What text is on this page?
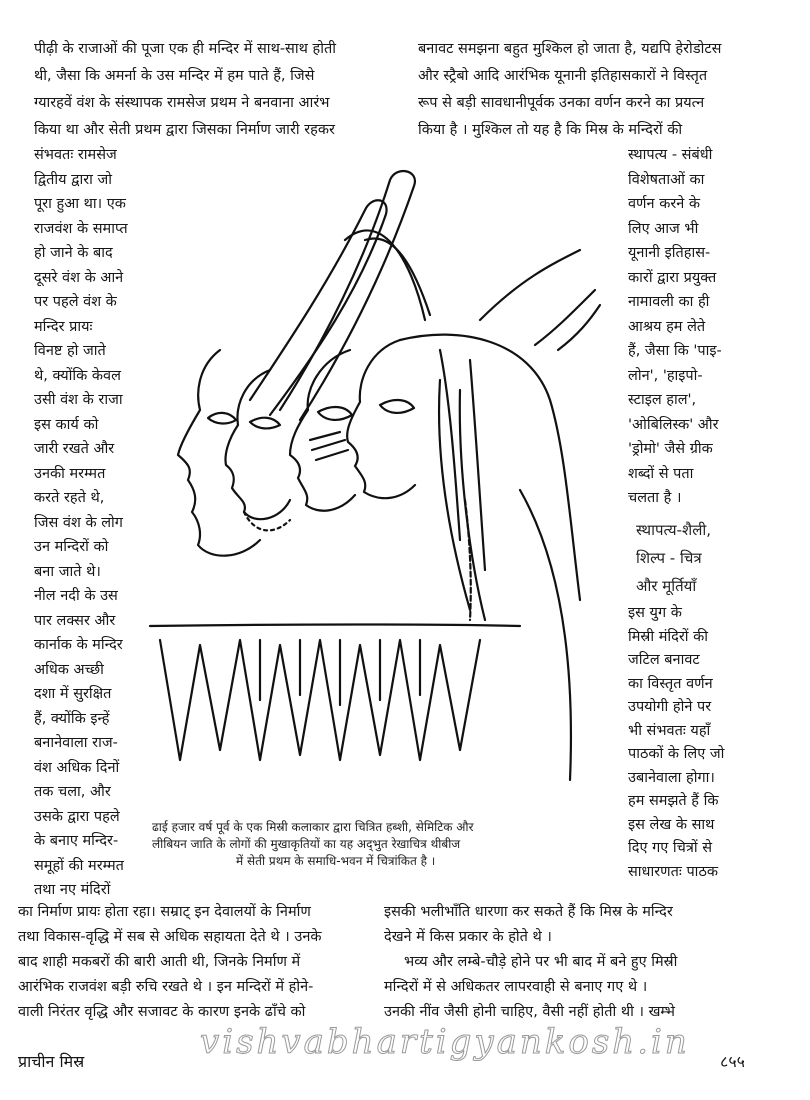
पीढ़ी के राजाओं की पूजा एक ही मन्दिर में साथ-साथ होती
थी, जैसा कि अमर्ना के उस मन्दिर में हम पाते हैं, जिसे
ग्यारहवें वंश के संस्थापक रामसेज प्रथम ने बनवाना आरंभ
किया था और सेती प्रथम द्वारा जिसका निर्माण जारी रहकर
बनावट समझना बहुत मुश्किल हो जाता है, यद्यपि हेरोडोटस
और स्ट्रैबो आदि आरंभिक यूनानी इतिहासकारों ने विस्तृत
रूप से बड़ी सावधानीपूर्वक उनका वर्णन करने का प्रयत्न
किया है । मुश्किल तो यह है कि मिस्र के मन्दिरों की
संभवतः रामसेज
द्वितीय द्वारा जो
पूरा हुआ था। एक
राजवंश के समाप्त
हो जाने के बाद
दूसरे वंश के आने
पर पहले वंश के
मन्दिर प्रायः
विनष्ट हो जाते
थे, क्योंकि केवल
उसी वंश के राजा
इस कार्य को
जारी रखते और
उनकी मरम्मत
करते रहते थे,
जिस वंश के लोग
उन मन्दिरों को
बना जाते थे।
नील नदी के उस
पार लक्सर और
कार्नाक के मन्दिर
अधिक अच्छी
दशा में सुरक्षित
हैं, क्योंकि इन्हें
बनानेवाला राज-
वंश अधिक दिनों
तक चला, और
उसके द्वारा पहले
के बनाए मन्दिर-
समूहों की मरम्मत
तथा नए मंदिरों
स्थापत्य - संबंधी
विशेषताओं का
वर्णन करने के
लिए आज भी
यूनानी इतिहास-
कारों द्वारा प्रयुक्त
नामावली का ही
आश्रय हम लेते
हैं, जैसा कि 'पाइ-
लोन', 'हाइपो-
स्टाइल हाल',
'ओबिलिस्क' और
'ड्रोमो' जैसे ग्रीक
शब्दों से पता
चलता है ।
स्थापत्य-शैली,
शिल्प - चित्र
और मूर्तियाँ
इस युग के
मिस्री मंदिरों की
जटिल बनावट
का विस्तृत वर्णन
उपयोगी होने पर
भी संभवतः यहाँ
पाठकों के लिए जो
उबानेवाला होगा।
हम समझते हैं कि
इस लेख के साथ
दिए गए चित्रों से
साधारणतः पाठक
ढाई हजार वर्ष पूर्व के एक मिस्री कलाकार द्वारा चित्रित हब्शी, सेमिटिक और
लीबियन जाति के लोगों की मुखाकृतियों का यह अद्‌भुत रेखाचित्र थीबीज
में सेती प्रथम के समाधि-भवन में चित्रांकित है ।
का निर्माण प्रायः होता रहा। सम्राट् इन देवालयों के निर्माण
तथा विकास-वृद्धि में सब से अधिक सहायता देते थे । उनके
बाद शाही मकबरों की बारी आती थी, जिनके निर्माण में
आरंभिक राजवंश बड़ी रुचि रखते थे । इन मन्दिरों में होने-
वाली निरंतर वृद्धि और सजावट के कारण इनके ढाँचे को
इसकी भलीभाँति धारणा कर सकते हैं कि मिस्र के मन्दिर
देखने में किस प्रकार के होते थे ।
भव्य और लम्बे-चौड़े होने पर भी बाद में बने हुए मिस्री
मन्दिरों में से अधिकतर लापरवाही से बनाए गए थे ।
उनकी नींव जैसी होनी चाहिए, वैसी नहीं होती थी । खम्भे
प्राचीन मिस्र	vishvabhartigyankosh.in ८५५
